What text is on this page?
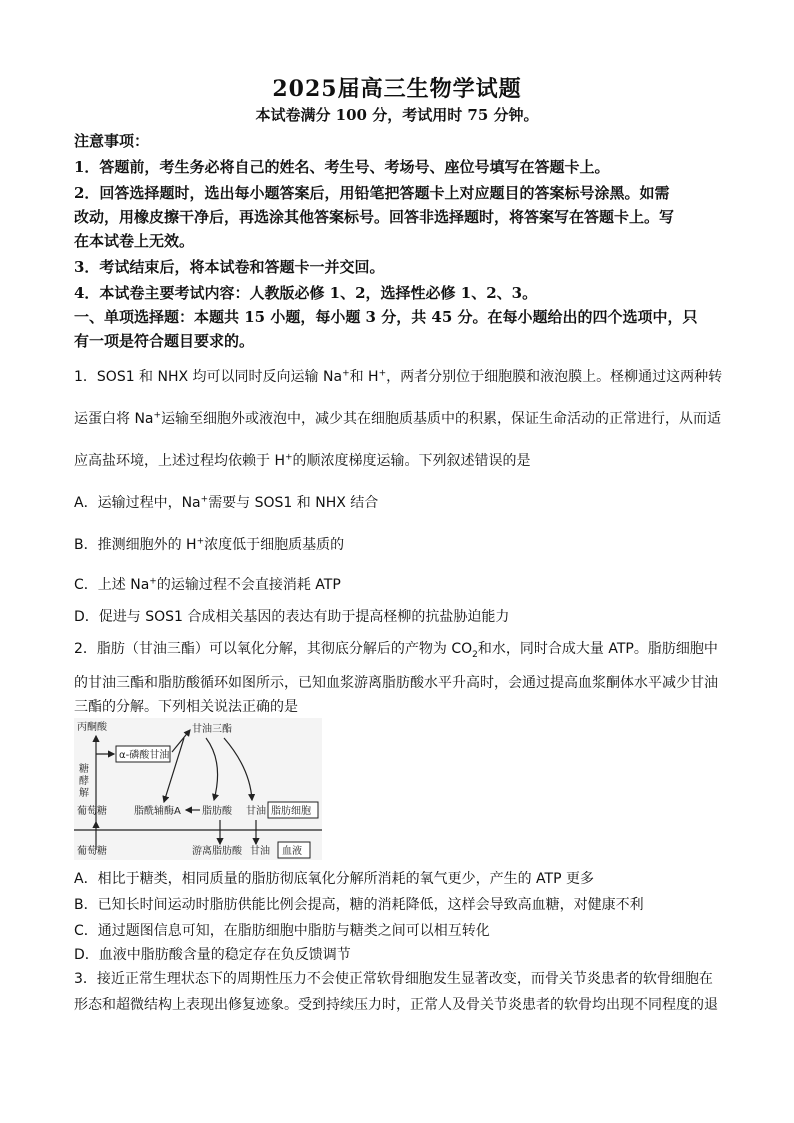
2025届高三生物学试题
本试卷满分 100 分，考试用时 75 分钟。
注意事项：
1．答题前，考生务必将自己的姓名、考生号、考场号、座位号填写在答题卡上。
2．回答选择题时，选出每小题答案后，用铅笔把答题卡上对应题目的答案标号涂黑。如需
改动，用橡皮擦干净后，再选涂其他答案标号。回答非选择题时，将答案写在答题卡上。写
在本试卷上无效。
3．考试结束后，将本试卷和答题卡一并交回。
4．本试卷主要考试内容：人教版必修 1、2，选择性必修 1、2、3。
一、单项选择题：本题共 15 小题，每小题 3 分，共 45 分。在每小题给出的四个选项中，只
有一项是符合题目要求的。
1．SOS1 和 NHX 均可以同时反向运输 Na+和 H+，两者分别位于细胞膜和液泡膜上。柽柳通过这两种转
运蛋白将 Na+运输至细胞外或液泡中，减少其在细胞质基质中的积累，保证生命活动的正常进行，从而适
应高盐环境，上述过程均依赖于 H+的顺浓度梯度运输。下列叙述错误的是
A．运输过程中，Na+需要与 SOS1 和 NHX 结合
B．推测细胞外的 H+浓度低于细胞质基质的
C．上述 Na+的运输过程不会直接消耗 ATP
D．促进与 SOS1 合成相关基因的表达有助于提高柽柳的抗盐胁迫能力
2．脂肪（甘油三酯）可以氧化分解，其彻底分解后的产物为 $CO_2$和水，同时合成大量 ATP。脂肪细胞中
的甘油三酯和脂肪酸循环如图所示，已知血浆游离脂肪酸水平升高时，会通过提高血浆酮体水平减少甘油
三酯的分解。下列相关说法正确的是
丙酮酸
α-磷酸甘油
糖
酵
解
葡萄糖
甘油三酯
脂酰辅酶A 脂肪酸 甘油 脂肪细胞
葡萄糖	游离脂肪酸 甘油 血液
A．相比于糖类，相同质量的脂肪彻底氧化分解所消耗的氧气更少，产生的 ATP 更多
B．已知长时间运动时脂肪供能比例会提高，糖的消耗降低，这样会导致高血糖，对健康不利
C．通过题图信息可知，在脂肪细胞中脂肪与糖类之间可以相互转化
D．血液中脂肪酸含量的稳定存在负反馈调节
3．接近正常生理状态下的周期性压力不会使正常软骨细胞发生显著改变，而骨关节炎患者的软骨细胞在
形态和超微结构上表现出修复迹象。受到持续压力时，正常人及骨关节炎患者的软骨均出现不同程度的退
